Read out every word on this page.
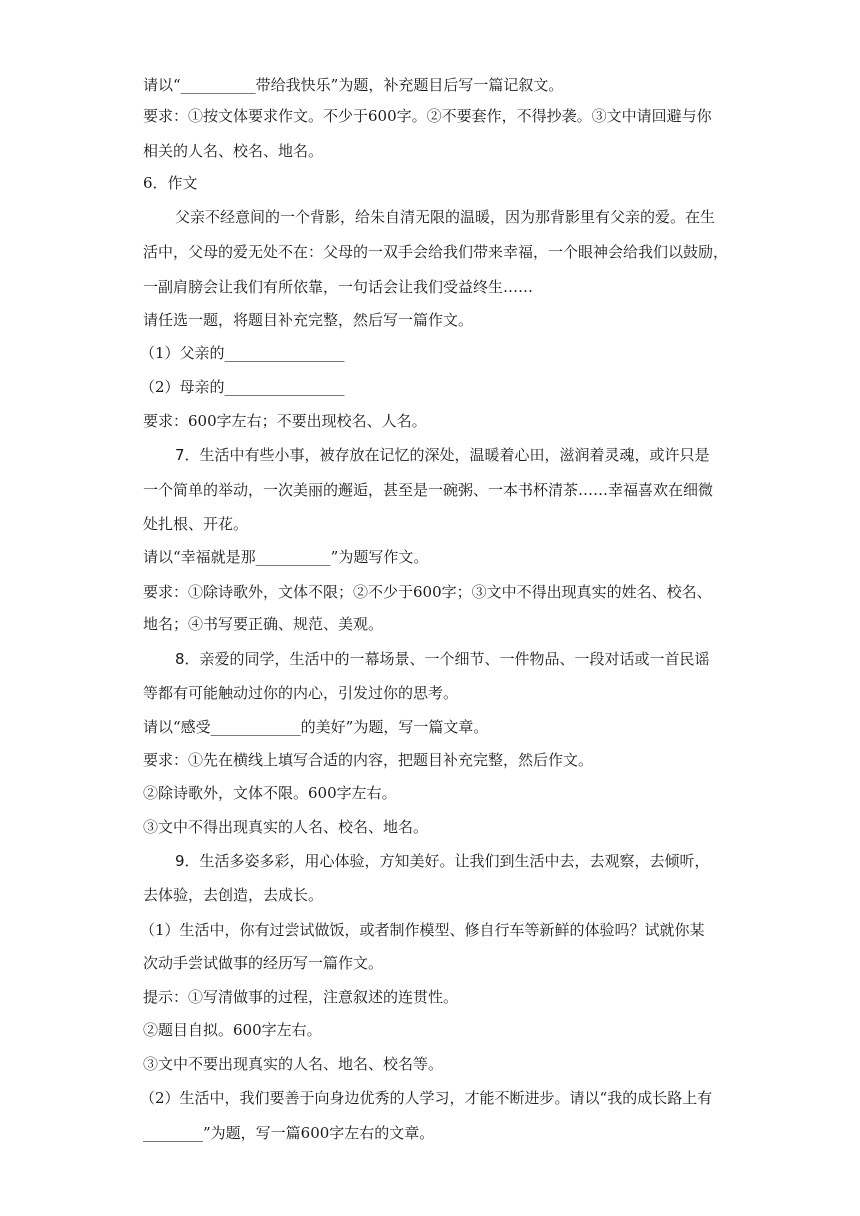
请以“__________带给我快乐”为题，补充题目后写一篇记叙文。
要求：①按文体要求作文。不少于600字。②不要套作，不得抄袭。③文中请回避与你
相关的人名、校名、地名。
6．作文
父亲不经意间的一个背影，给朱自清无限的温暖，因为那背影里有父亲的爱。在生
活中，父母的爱无处不在：父母的一双手会给我们带来幸福，一个眼神会给我们以鼓励，
一副肩膀会让我们有所依靠，一句话会让我们受益终生……
请任选一题，将题目补充完整，然后写一篇作文。
（1）父亲的________________
（2）母亲的________________
要求：600字左右；不要出现校名、人名。
7．生活中有些小事，被存放在记忆的深处，温暖着心田，滋润着灵魂，或许只是
一个简单的举动，一次美丽的邂逅，甚至是一碗粥、一本书杯清茶……幸福喜欢在细微
处扎根、开花。
请以“幸福就是那__________”为题写作文。
要求：①除诗歌外，文体不限；②不少于600字；③文中不得出现真实的姓名、校名、
地名；④书写要正确、规范、美观。
8．亲爱的同学，生活中的一幕场景、一个细节、一件物品、一段对话或一首民谣
等都有可能触动过你的内心，引发过你的思考。
请以“感受____________的美好”为题，写一篇文章。
要求：①先在横线上填写合适的内容，把题目补充完整，然后作文。
②除诗歌外，文体不限。600字左右。
③文中不得出现真实的人名、校名、地名。
9．生活多姿多彩，用心体验，方知美好。让我们到生活中去，去观察，去倾听，
去体验，去创造，去成长。
（1）生活中，你有过尝试做饭，或者制作模型、修自行车等新鲜的体验吗？试就你某
次动手尝试做事的经历写一篇作文。
提示：①写清做事的过程，注意叙述的连贯性。
②题目自拟。600字左右。
③文中不要出现真实的人名、地名、校名等。
（2）生活中，我们要善于向身边优秀的人学习，才能不断进步。请以“我的成长路上有
________”为题，写一篇600字左右的文章。
